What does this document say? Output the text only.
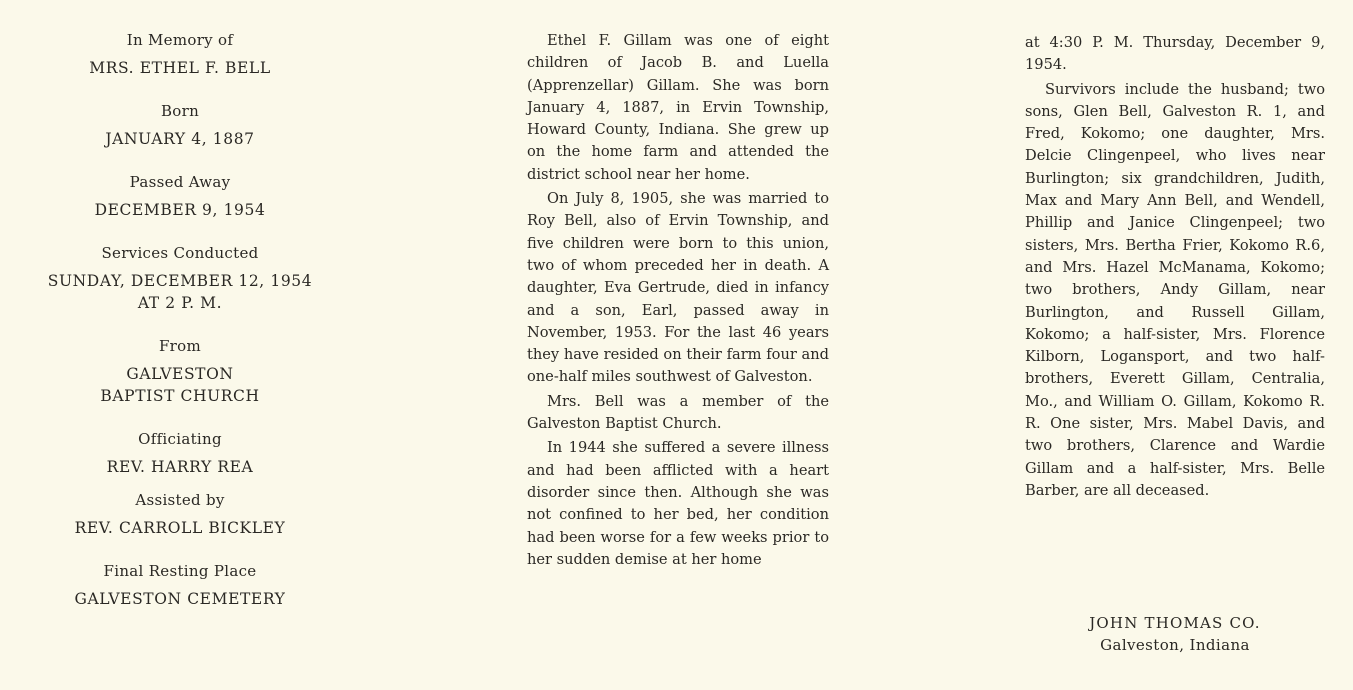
In Memory of
MRS. ETHEL F. BELL
Born
JANUARY 4, 1887
Passed Away
DECEMBER 9, 1954
Services Conducted
SUNDAY, DECEMBER 12, 1954
AT 2 P. M.
From
GALVESTON
BAPTIST CHURCH
Officiating
REV. HARRY REA
Assisted by
REV. CARROLL BICKLEY
Final Resting Place
GALVESTON CEMETERY

Ethel F. Gillam was one of eight children of Jacob B. and Luella (Apprenzellar) Gillam. She was born January 4, 1887, in Ervin Township, Howard County, Indiana. She grew up on the home farm and attended the district school near her home.

On July 8, 1905, she was married to Roy Bell, also of Ervin Township, and five children were born to this union, two of whom preceded her in death. A daughter, Eva Gertrude, died in infancy and a son, Earl, passed away in November, 1953. For the last 46 years they have resided on their farm four and one-half miles southwest of Galveston.

Mrs. Bell was a member of the Galveston Baptist Church.

In 1944 she suffered a severe illness and had been afflicted with a heart disorder since then. Although she was not confined to her bed, her condition had been worse for a few weeks prior to her sudden demise at her home

at 4:30 P. M. Thursday, December 9, 1954.

Survivors include the husband; two sons, Glen Bell, Galveston R. 1, and Fred, Kokomo; one daughter, Mrs. Delcie Clingenpeel, who lives near Burlington; six grandchildren, Judith, Max and Mary Ann Bell, and Wendell, Phillip and Janice Clingenpeel; two sisters, Mrs. Bertha Frier, Kokomo R.6, and Mrs. Hazel McManama, Kokomo; two brothers, Andy Gillam, near Burlington, and Russell Gillam, Kokomo; a half-sister, Mrs. Florence Kilborn, Logansport, and two half-brothers, Everett Gillam, Centralia, Mo., and William O. Gillam, Kokomo R. R. One sister, Mrs. Mabel Davis, and two brothers, Clarence and Wardie Gillam and a half-sister, Mrs. Belle Barber, are all deceased.

JOHN THOMAS CO.
Galveston, Indiana
